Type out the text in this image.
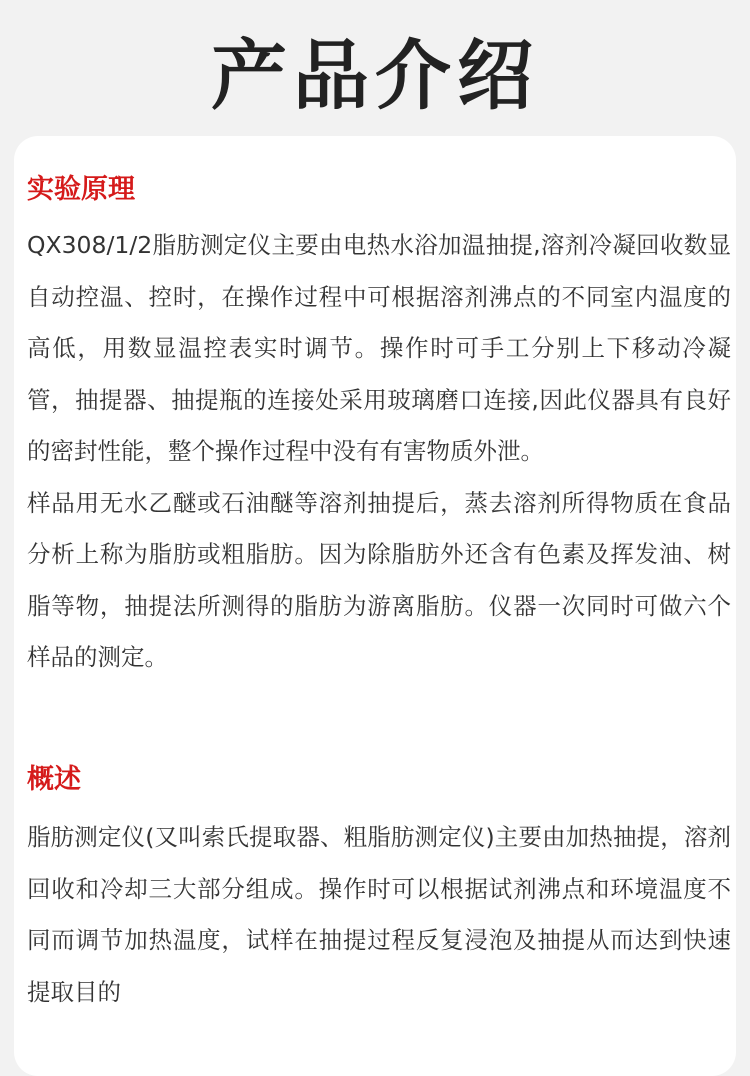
产品介绍
实验原理

QX308/1/2脂肪测定仪主要由电热水浴加温抽提,溶剂冷凝回收数显自动控温、控时，在操作过程中可根据溶剂沸点的不同室内温度的高低，用数显温控表实时调节。操作时可手工分别上下移动冷凝管，抽提器、抽提瓶的连接处采用玻璃磨口连接,因此仪器具有良好的密封性能，整个操作过程中没有有害物质外泄。

样品用无水乙醚或石油醚等溶剂抽提后，蒸去溶剂所得物质在食品分析上称为脂肪或粗脂肪。因为除脂肪外还含有色素及挥发油、树脂等物，抽提法所测得的脂肪为游离脂肪。仪器一次同时可做六个样品的测定。

概述

脂肪测定仪(又叫索氏提取器、粗脂肪测定仪)主要由加热抽提，溶剂回收和冷却三大部分组成。操作时可以根据试剂沸点和环境温度不同而调节加热温度，试样在抽提过程反复浸泡及抽提从而达到快速提取目的
